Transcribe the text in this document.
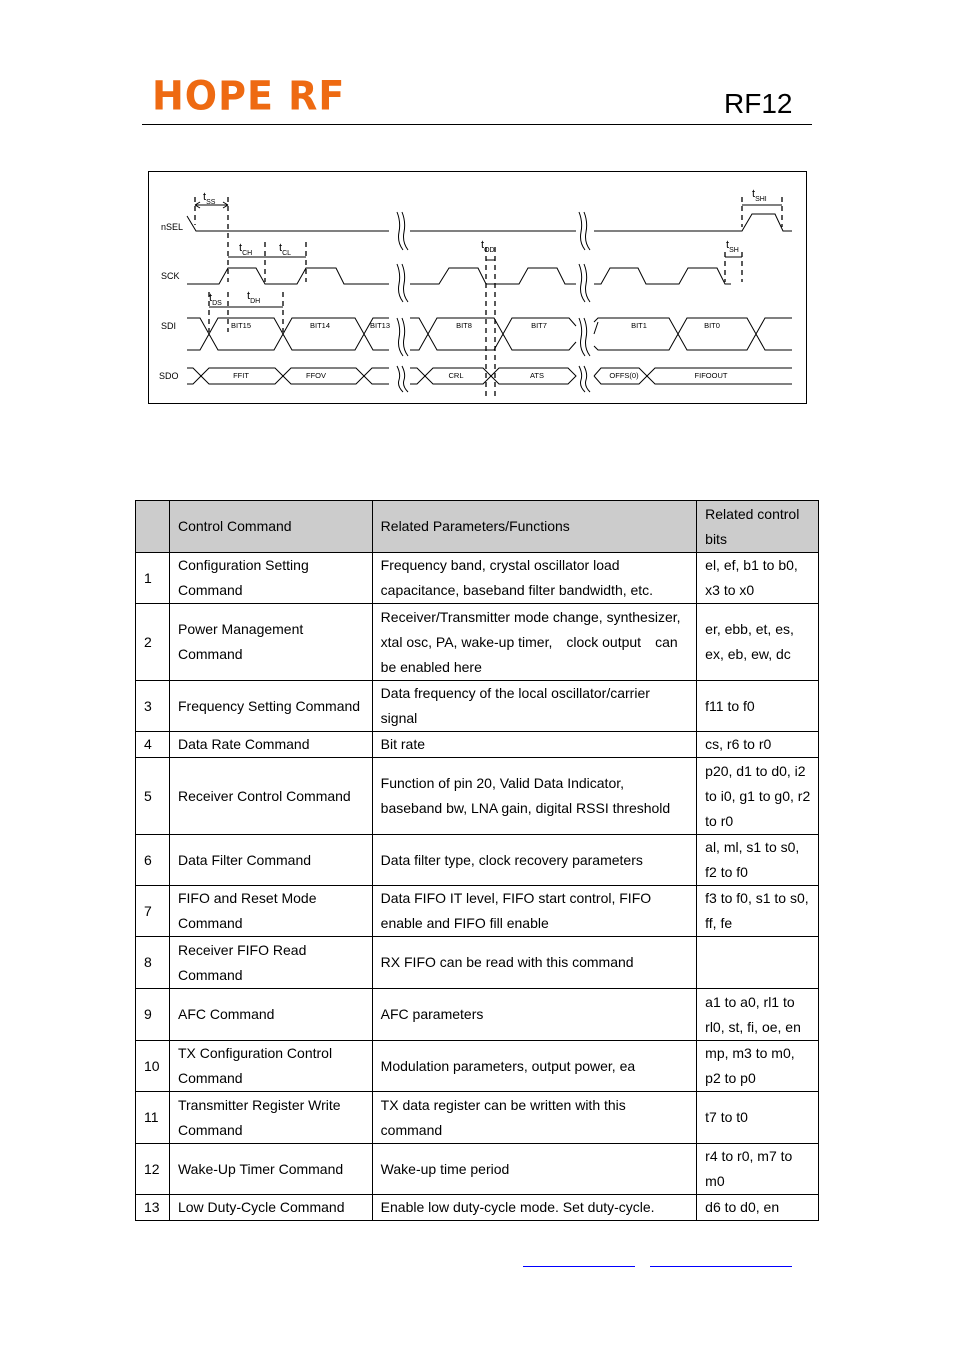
HOPE RF	RF12
nSEL
SCK
SDI
SDO
$t_{SS}$
$t_{CH}$ $t_{CL}$
$t_{DS}$
$t_{DH}$
$t_{OD}$
$t_{SHI}$
$t_{SH}$
BIT15	BIT14	BIT13	BIT8	BIT7	BIT1	BIT0
FFIT	FFOV	CRL	ATS	OFFS(0)	FIFOOUT
	Control Command	Related Parameters/Functions	Related control bits
1	Configuration Setting Command	Frequency band, crystal oscillator load capacitance, baseband filter bandwidth, etc.	el, ef, b1 to b0, x3 to x0
2	Power Management Command	Receiver/Transmitter mode change, synthesizer, xtal osc, PA, wake-up timer,　clock output　can be enabled here	er, ebb, et, es, ex, eb, ew, dc
3	Frequency Setting Command	Data frequency of the local oscillator/carrier signal	f11 to f0
4	Data Rate Command	Bit rate	cs, r6 to r0
5	Receiver Control Command	Function of pin 20, Valid Data Indicator, baseband bw, LNA gain, digital RSSI threshold	p20, d1 to d0, i2 to i0, g1 to g0, r2 to r0
6	Data Filter Command	Data filter type, clock recovery parameters	al, ml, s1 to s0, f2 to f0
7	FIFO and Reset Mode Command	Data FIFO IT level, FIFO start control, FIFO enable and FIFO fill enable	f3 to f0, s1 to s0, ff, fe
8	Receiver FIFO Read Command	RX FIFO can be read with this command	
9	AFC Command	AFC parameters	a1 to a0, rl1 to rl0, st, fi, oe, en
10	TX Configuration Control Command	Modulation parameters, output power, ea	mp, m3 to m0, p2 to p0
11	Transmitter Register Write Command	TX data register can be written with this command	t7 to t0
12	Wake-Up Timer Command	Wake-up time period	r4 to r0, m7 to m0
13	Low Duty-Cycle Command	Enable low duty-cycle mode. Set duty-cycle.	d6 to d0, en
